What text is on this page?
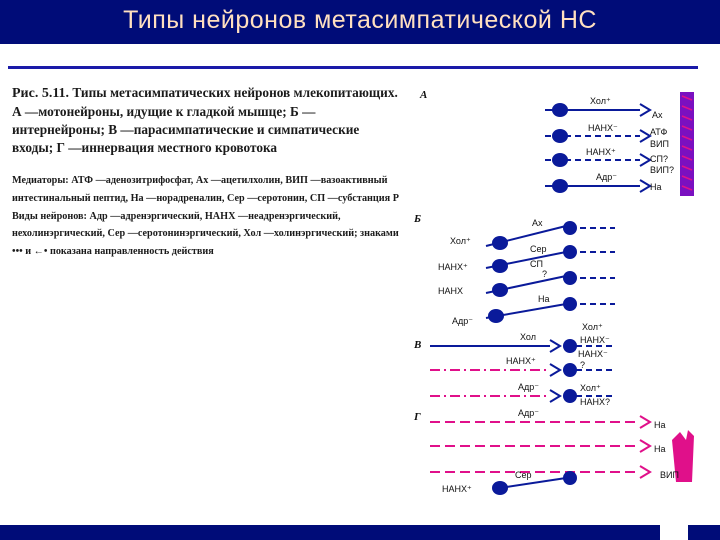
Типы нейронов метасимпатической НС
Рис. 5.11. Типы метасимпатических нейронов млекопитающих. А —мотонейроны, идущие к гладкой мышце; Б — интернейроны; В —парасимпатические и симпатические входы; Г —иннервация местного кровотока
Медиаторы: АТФ —аденозитрифосфат, Ах —ацетилхолин, ВИП —вазоактивный интестинальный пептид, На —норадреналин, Сер —серотонин, СП —субстанция Р
Виды нейронов: Адр —адренэргический, НАНХ —неадренэргический, нехолинэргический, Сер —серотонинэргический, Хол —холинэргический; знаками ••• и ←• показана направленность действия
А
Б
В
Г
Хол⁺
НАНХ⁻
НАНХ⁺
Адр⁻
Ах
АТФ
ВИП
СП?
ВИП?
На
Ах
Хол⁺
Сер
СП
?
НАНХ⁺
НАНХ
На
Адр⁻
Хол
Хол⁺
НАНХ⁻
НАНХ⁺
НАНХ⁻
?
Адр⁻	Хол⁺
НАНХ?
Адр⁻
На
На
Сер	ВИП
НАНХ⁺
